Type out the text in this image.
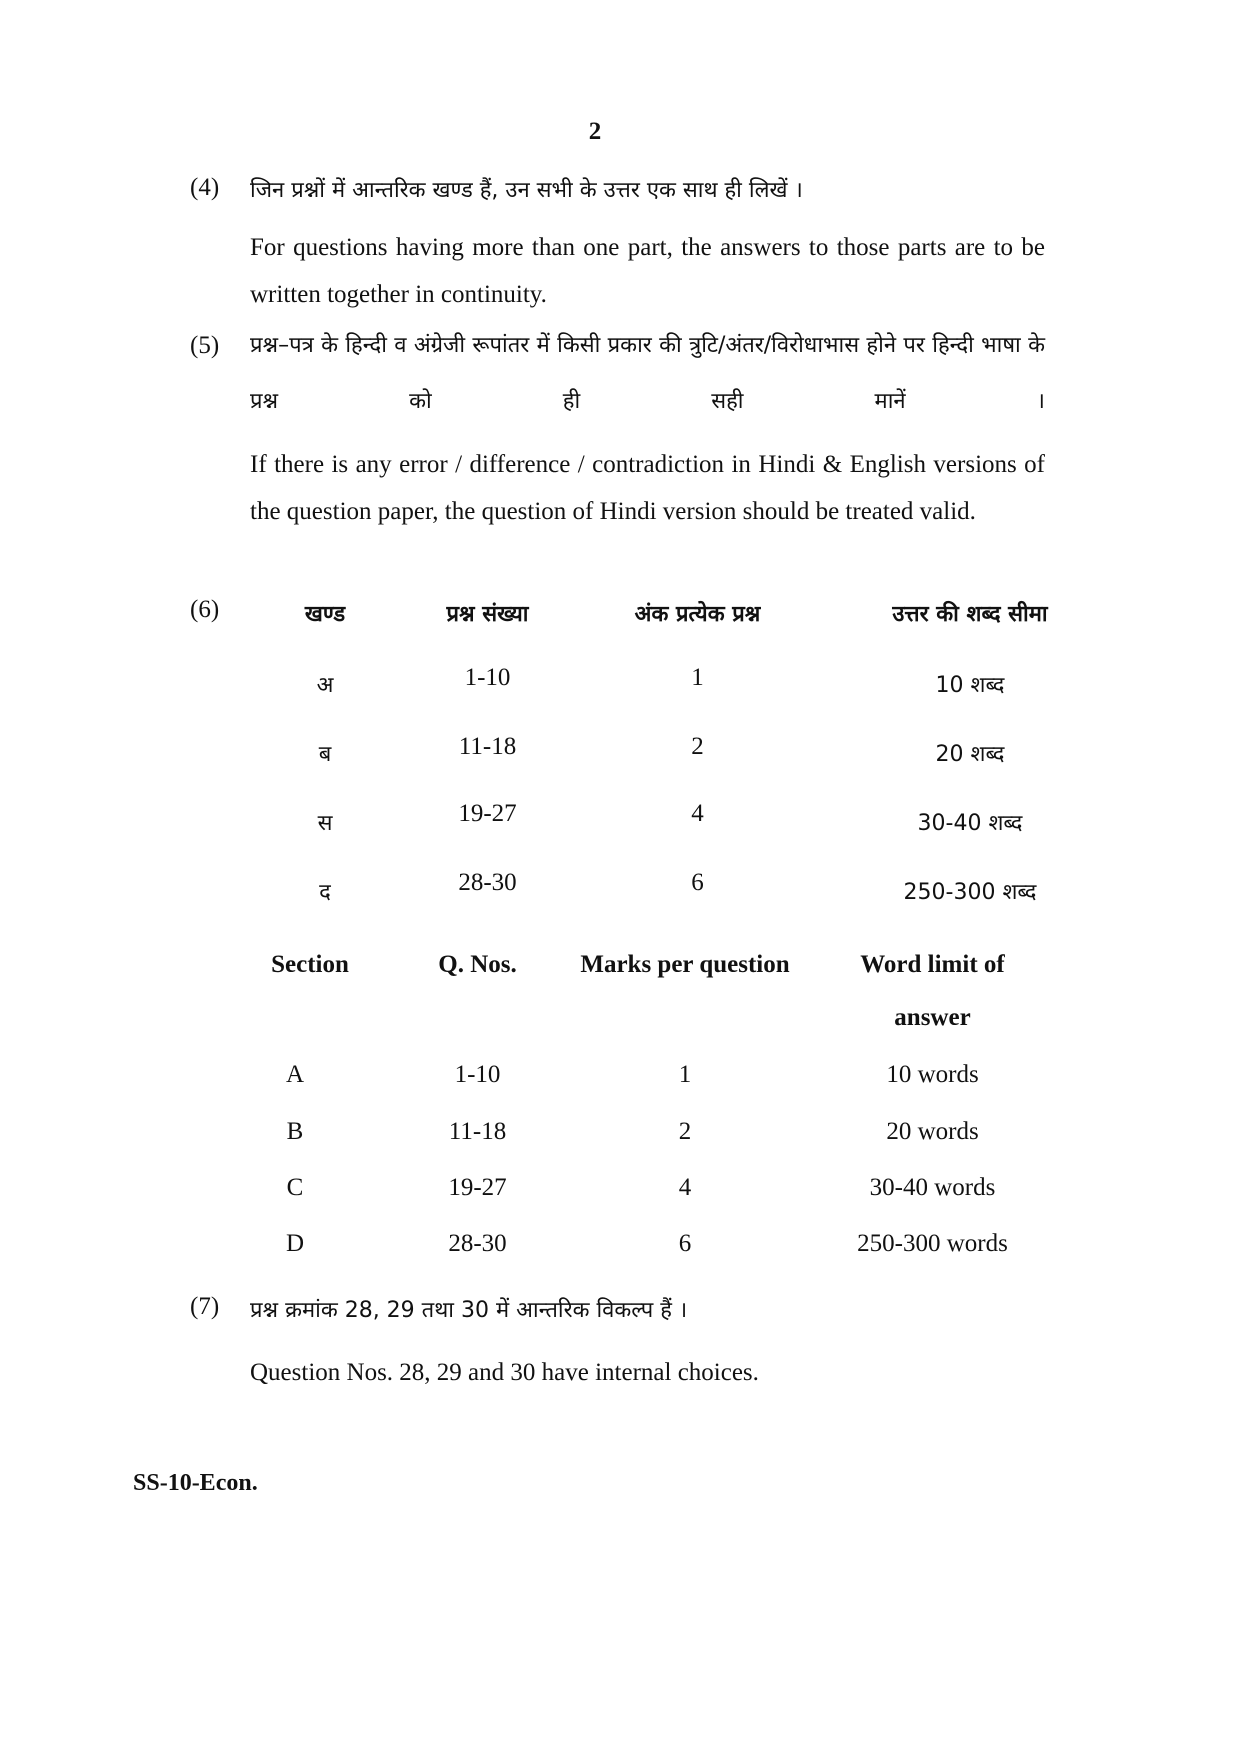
2
(4) जिन प्रश्नों में आन्तरिक खण्ड हैं, उन सभी के उत्तर एक साथ ही लिखें ।
For questions having more than one part, the answers to those parts are to be written together in continuity.
(5) प्रश्न–पत्र के हिन्दी व अंग्रेजी रूपांतर में किसी प्रकार की त्रुटि/अंतर/विरोधाभास होने पर हिन्दी भाषा के प्रश्न को ही सही मानें ।
If there is any error / difference / contradiction in Hindi & English versions of the question paper, the question of Hindi version should be treated valid.
(6)	खण्ड	प्रश्न संख्या	अंक प्रत्येक प्रश्न	उत्तर की शब्द सीमा
अ	1-10	1	10 शब्द
ब	11-18	2	20 शब्द
स	19-27	4	30-40 शब्द
द	28-30	6	250-300 शब्द
Section	Q. Nos.	Marks per question	Word limit of
answer
A	1-10	1	10 words
B	11-18	2	20 words
C	19-27	4	30-40 words
D	28-30	6	250-300 words
(7) प्रश्न क्रमांक 28, 29 तथा 30 में आन्तरिक विकल्प हैं ।
Question Nos. 28, 29 and 30 have internal choices.
SS-10-Econ.
